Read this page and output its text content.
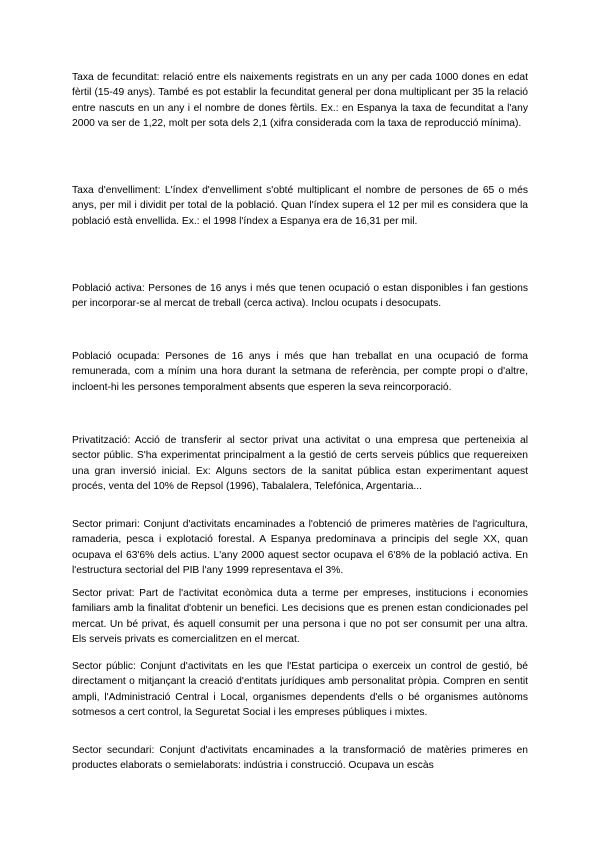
Taxa de fecunditat: relació entre els naixements registrats en un any per cada 1000 dones en edat fèrtil (15-49 anys). També es pot establir la fecunditat general per dona multiplicant per 35 la relació entre nascuts en un any i el nombre de dones fèrtils. Ex.: en Espanya la taxa de fecunditat a l'any 2000 va ser de 1,22, molt per sota dels 2,1 (xifra considerada com la taxa de reproducció mínima).

Taxa d'envelliment: L'índex d'envelliment s'obté multiplicant el nombre de persones de 65 o més anys, per mil i dividit per total de la població. Quan l'índex supera el 12 per mil es considera que la població està envellida. Ex.: el 1998 l'índex a Espanya era de 16,31 per mil.

Població activa: Persones de 16 anys i més que tenen ocupació o estan disponibles i fan gestions per incorporar-se al mercat de treball (cerca activa). Inclou ocupats i desocupats.

Població ocupada: Persones de 16 anys i més que han treballat en una ocupació de forma remunerada, com a mínim una hora durant la setmana de referència, per compte propi o d'altre, incloent-hi les persones temporalment absents que esperen la seva reincorporació.

Privatització: Acció de transferir al sector privat una activitat o una empresa que perteneixia al sector públic. S'ha experimentat principalment a la gestió de certs serveis públics que requereixen una gran inversió inicial. Ex: Alguns sectors de la sanitat pública estan experimentant aquest procés, venta del 10% de Repsol (1996), Tabalalera, Telefónica, Argentaria...

Sector primari: Conjunt d'activitats encaminades a l'obtenció de primeres matèries de l'agricultura, ramaderia, pesca i explotació forestal. A Espanya predominava a principis del segle XX, quan ocupava el 63'6% dels actius. L'any 2000 aquest sector ocupava el 6'8% de la població activa. En l'estructura sectorial del PIB l'any 1999 representava el 3%.

Sector privat: Part de l'activitat econòmica duta a terme per empreses, institucions i economies familiars amb la finalitat d'obtenir un benefici. Les decisions que es prenen estan condicionades pel mercat. Un bé privat, és aquell consumit per una persona i que no pot ser consumit per una altra. Els serveis privats es comercialitzen en el mercat.

Sector públic: Conjunt d'activitats en les que l'Estat participa o exerceix un control de gestió, bé directament o mitjançant la creació d'entitats jurídiques amb personalitat pròpia. Compren en sentit ampli, l'Administració Central i Local, organismes dependents d'ells o bé organismes autònoms sotmesos a cert control, la Seguretat Social i les empreses públiques i mixtes.

Sector secundari: Conjunt d'activitats encaminades a la transformació de matèries primeres en productes elaborats o semielaborats: indústria i construcció. Ocupava un escàs
